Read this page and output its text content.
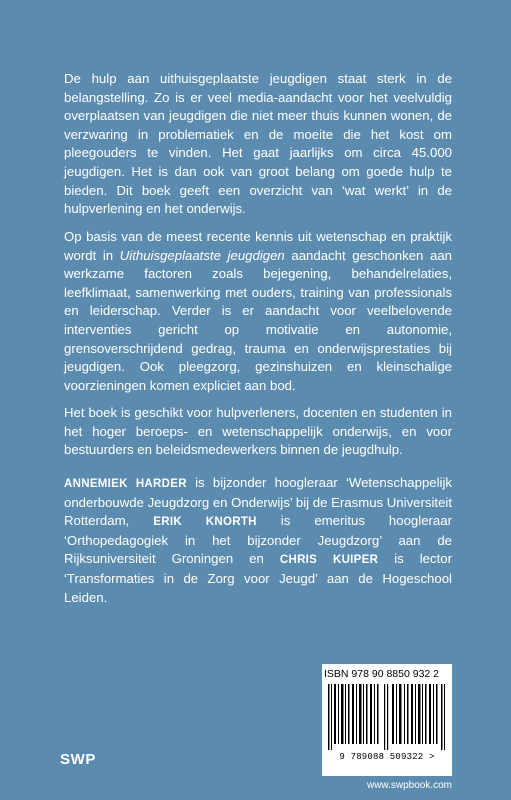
De hulp aan uithuisgeplaatste jeugdigen staat sterk in de belangstelling. Zo is er veel media-aandacht voor het veelvuldig overplaatsen van jeugdigen die niet meer thuis kunnen wonen, de verzwaring in problematiek en de moeite die het kost om pleegouders te vinden. Het gaat jaarlijks om circa 45.000 jeugdigen. Het is dan ook van groot belang om goede hulp te bieden. Dit boek geeft een overzicht van ‘wat werkt’ in de hulpverlening en het onderwijs.
Op basis van de meest recente kennis uit wetenschap en praktijk wordt in Uithuisgeplaatste jeugdigen aandacht geschonken aan werkzame factoren zoals bejegening, behandelrelaties, leefklimaat, samenwerking met ouders, training van professionals en leiderschap. Verder is er aandacht voor veelbelovende interventies gericht op motivatie en autonomie, grensoverschrijdend gedrag, trauma en onderwijsprestaties bij jeugdigen. Ook pleegzorg, gezinshuizen en kleinschalige voorzieningen komen expliciet aan bod.
Het boek is geschikt voor hulpverleners, docenten en studenten in het hoger beroeps- en wetenschappelijk onderwijs, en voor bestuurders en beleidsmedewerkers binnen de jeugdhulp.
ANNEMIEK HARDER is bijzonder hoogleraar ‘Wetenschappelijk onderbouwde Jeugdzorg en Onderwijs’ bij de Erasmus Universiteit Rotterdam, ERIK KNORTH is emeritus hoogleraar ‘Orthopedagogiek in het bijzonder Jeugdzorg’ aan de Rijksuniversiteit Groningen en CHRIS KUIPER is lector ‘Transformaties in de Zorg voor Jeugd’ aan de Hogeschool Leiden.
ISBN 978 90 8850 932 2
9 789088 509322 >
www.swpbook.com
SWP
